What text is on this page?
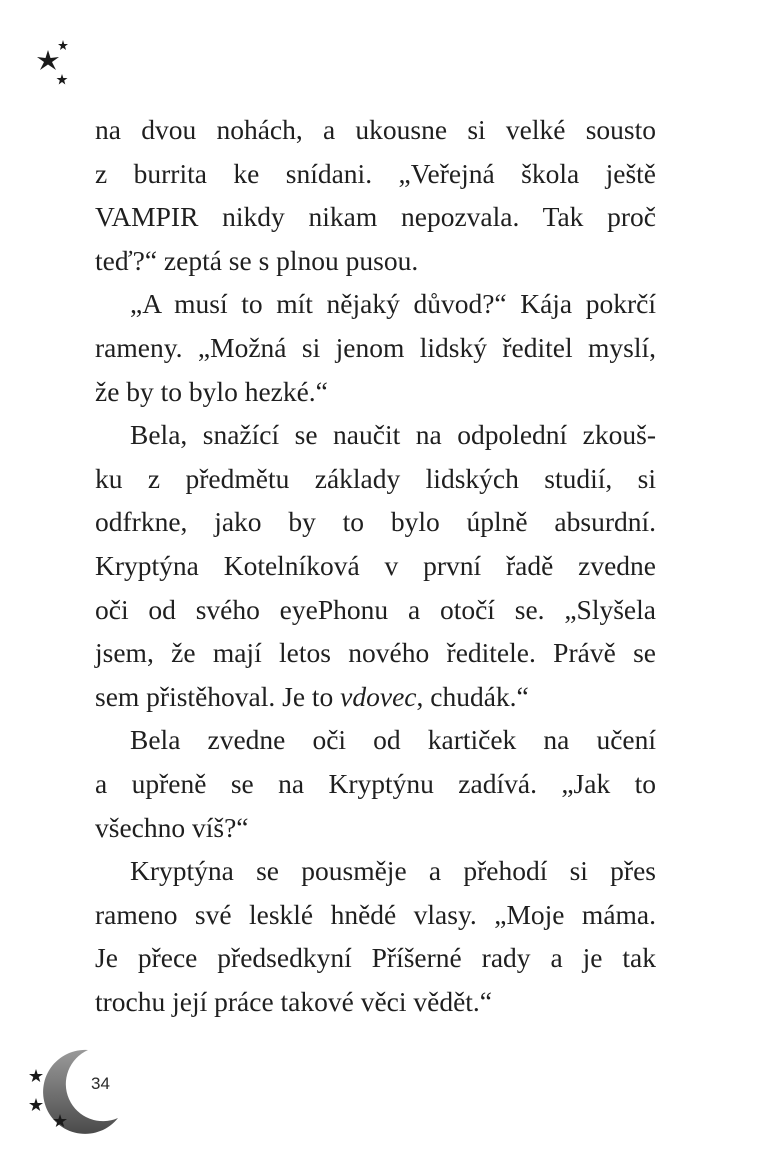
na dvou nohách, a ukousne si velké sousto
z burrita ke snídani. „Veřejná škola ještě
VAMPIR nikdy nikam nepozvala. Tak proč
teď?“ zeptá se s plnou pusou.
„A musí to mít nějaký důvod?“ Kája pokrčí
rameny. „Možná si jenom lidský ředitel myslí,
že by to bylo hezké.“
Bela, snažící se naučit na odpolední zkouš-
ku z předmětu základy lidských studií, si
odfrkne, jako by to bylo úplně absurdní.
Kryptýna Kotelníková v první řadě zvedne
oči od svého eyePhonu a otočí se. „Slyšela
jsem, že mají letos nového ředitele. Právě se
sem přistěhoval. Je to vdovec, chudák.“
Bela zvedne oči od kartiček na učení
a upřeně se na Kryptýnu zadívá. „Jak to
všechno víš?“
Kryptýna se pousměje a přehodí si přes
rameno své lesklé hnědé vlasy. „Moje máma.
Je přece předsedkyní Příšerné rady a je tak
trochu její práce takové věci vědět.“
34
